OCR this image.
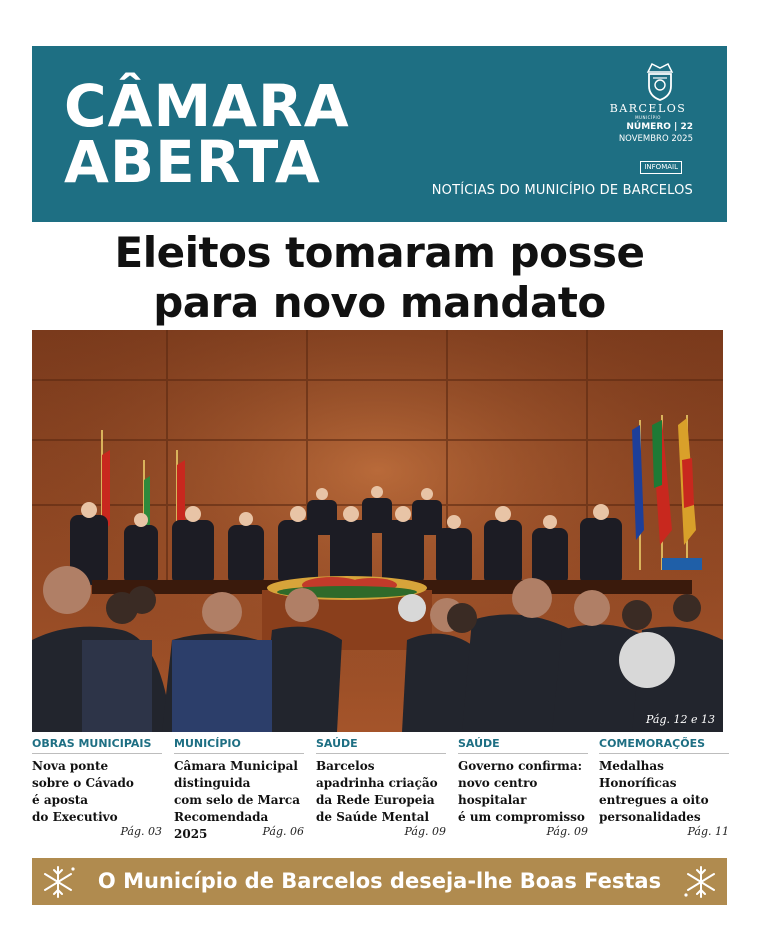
CÂMARA
ABERTA
BARCELOS
MUNICÍPIO
NÚMERO | 22
NOVEMBRO 2025
INFOMAIL
NOTÍCIAS DO MUNICÍPIO DE BARCELOS
Eleitos tomaram posse
para novo mandato
Pág. 12 e 13
OBRAS MUNICIPAIS
Nova ponte
sobre o Cávado
é aposta
do Executivo
Pág. 03
MUNICÍPIO
Câmara Municipal
distinguida
com selo de Marca
Recomendada 2025	Pág. 06
SAÚDE
Barcelos
apadrinha criação
da Rede Europeia
de Saúde Mental
Pág. 09
SAÚDE
Governo confirma:
novo centro
hospitalar
é um compromisso
Pág. 09
COMEMORAÇÕES
Medalhas
Honoríficas
entregues a oito
personalidades
Pág. 11
O Município de Barcelos deseja-lhe Boas Festas
